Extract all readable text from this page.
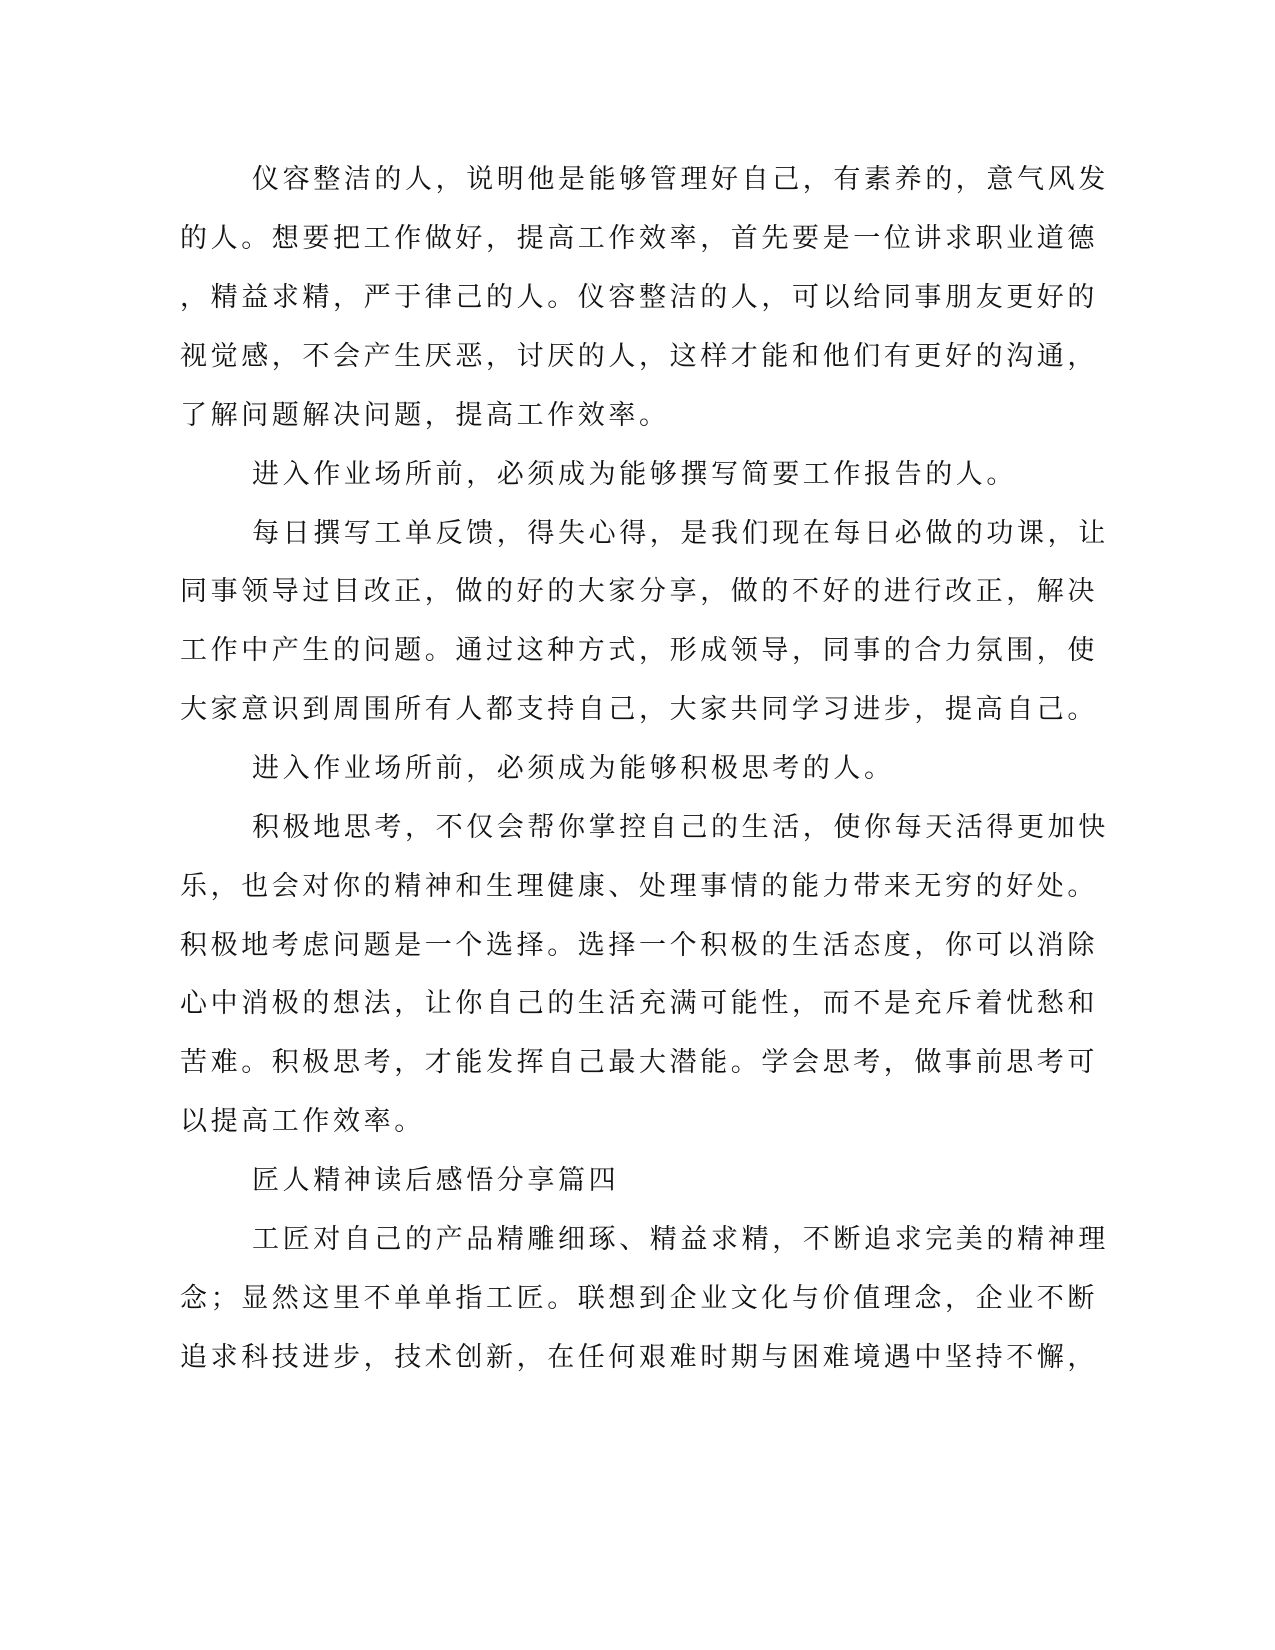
仪容整洁的人，说明他是能够管理好自己，有素养的，意气风发
的人。想要把工作做好，提高工作效率，首先要是一位讲求职业道德
，精益求精，严于律己的人。仪容整洁的人，可以给同事朋友更好的
视觉感，不会产生厌恶，讨厌的人，这样才能和他们有更好的沟通，
了解问题解决问题，提高工作效率。
进入作业场所前，必须成为能够撰写简要工作报告的人。
每日撰写工单反馈，得失心得，是我们现在每日必做的功课，让
同事领导过目改正，做的好的大家分享，做的不好的进行改正，解决
工作中产生的问题。通过这种方式，形成领导，同事的合力氛围，使
大家意识到周围所有人都支持自己，大家共同学习进步，提高自己。
进入作业场所前，必须成为能够积极思考的人。
积极地思考，不仅会帮你掌控自己的生活，使你每天活得更加快
乐，也会对你的精神和生理健康、处理事情的能力带来无穷的好处。
积极地考虑问题是一个选择。选择一个积极的生活态度，你可以消除
心中消极的想法，让你自己的生活充满可能性，而不是充斥着忧愁和
苦难。积极思考，才能发挥自己最大潜能。学会思考，做事前思考可
以提高工作效率。
匠人精神读后感悟分享篇四
工匠对自己的产品精雕细琢、精益求精，不断追求完美的精神理
念；显然这里不单单指工匠。联想到企业文化与价值理念，企业不断
追求科技进步，技术创新，在任何艰难时期与困难境遇中坚持不懈，
